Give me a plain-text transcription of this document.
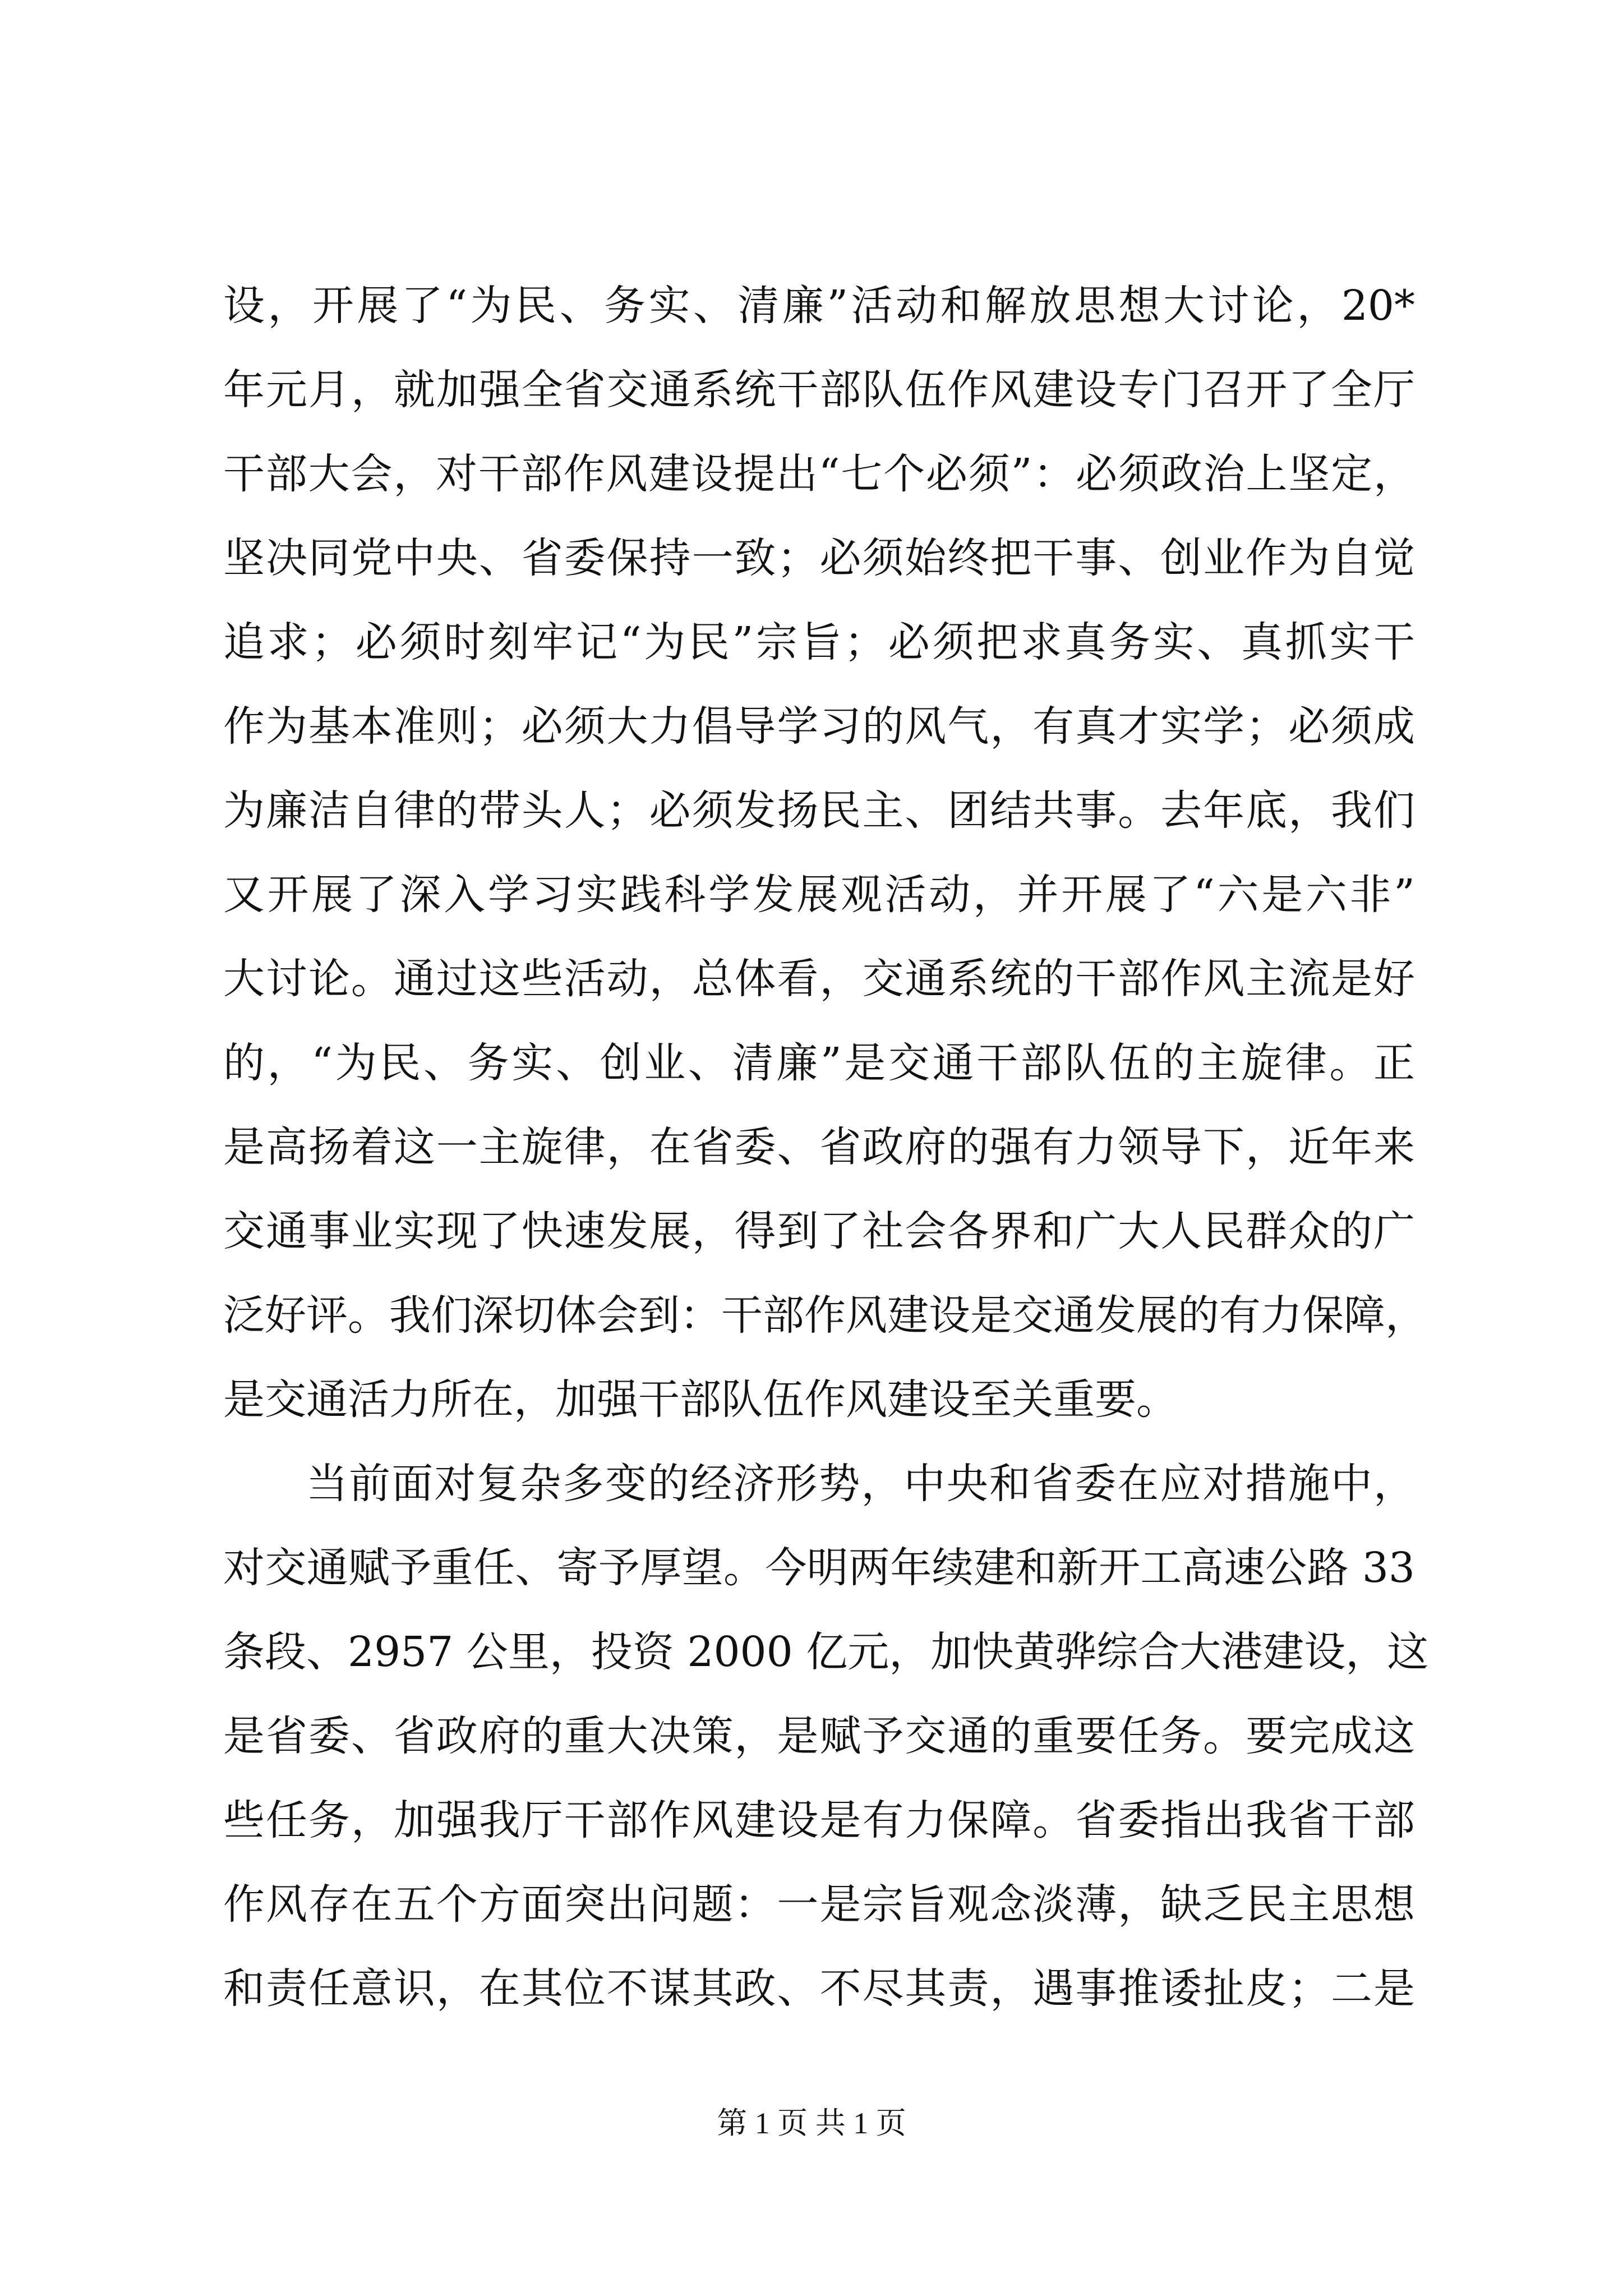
设，开展了“为民、务实、清廉”活动和解放思想大讨论，20*
年元月，就加强全省交通系统干部队伍作风建设专门召开了全厅
干部大会，对干部作风建设提出“七个必须”：必须政治上坚定，
坚决同党中央、省委保持一致；必须始终把干事、创业作为自觉
追求；必须时刻牢记“为民”宗旨；必须把求真务实、真抓实干
作为基本准则；必须大力倡导学习的风气，有真才实学；必须成
为廉洁自律的带头人；必须发扬民主、团结共事。去年底，我们
又开展了深入学习实践科学发展观活动，并开展了“六是六非”
大讨论。通过这些活动，总体看，交通系统的干部作风主流是好
的，“为民、务实、创业、清廉”是交通干部队伍的主旋律。正
是高扬着这一主旋律，在省委、省政府的强有力领导下，近年来
交通事业实现了快速发展，得到了社会各界和广大人民群众的广
泛好评。我们深切体会到：干部作风建设是交通发展的有力保障，
是交通活力所在，加强干部队伍作风建设至关重要。
当前面对复杂多变的经济形势，中央和省委在应对措施中，
对交通赋予重任、寄予厚望。今明两年续建和新开工高速公路 33
条段、2957 公里，投资 2000 亿元，加快黄骅综合大港建设，这
是省委、省政府的重大决策，是赋予交通的重要任务。要完成这
些任务，加强我厅干部作风建设是有力保障。省委指出我省干部
作风存在五个方面突出问题：一是宗旨观念淡薄，缺乏民主思想
和责任意识，在其位不谋其政、不尽其责，遇事推诿扯皮；二是
第 1 页 共 1 页
